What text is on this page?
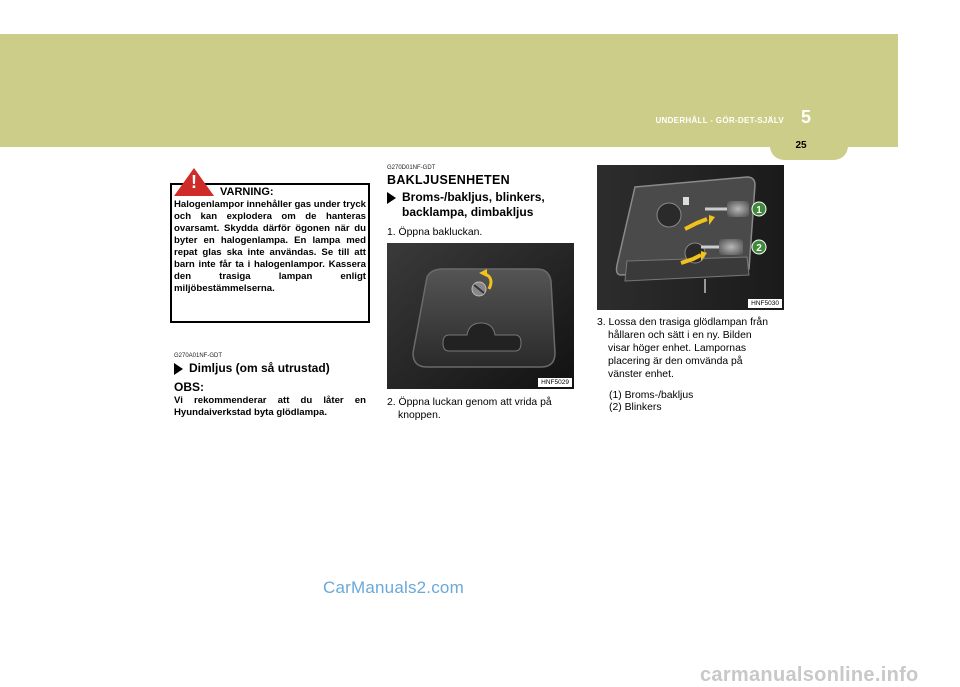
5
UNDERHÅLL - GÖR-DET-SJÄLV
25
!	VARNING:
Halogenlampor innehåller gas under tryck och kan explodera om de hanteras ovarsamt. Skydda därför ögonen när du byter en halogenlampa. En lampa med repat glas ska inte användas. Se till att barn inte får ta i halogenlampor. Kassera den trasiga lampan enligt miljöbestämmelserna.
G270A01NF-GDT
Dimljus (om så utrustad)
OBS:
Vi rekommenderar att du låter en Hyundaiverkstad byta glödlampa.
G270D01NF-GDT
BAKLJUSENHETEN
Broms-/bakljus, blinkers,
backlampa, dimbakljus
1. Öppna bakluckan.
HNF5029
2. Öppna luckan genom att vrida på
knoppen.
1
2
HNF5030
3. Lossa den trasiga glödlampan från
hållaren och sätt i en ny. Bilden
visar höger enhet. Lampornas
placering är den omvända på
vänster enhet.
(1) Broms-/bakljus
(2) Blinkers
CarManuals2.com
carmanualsonline.info
